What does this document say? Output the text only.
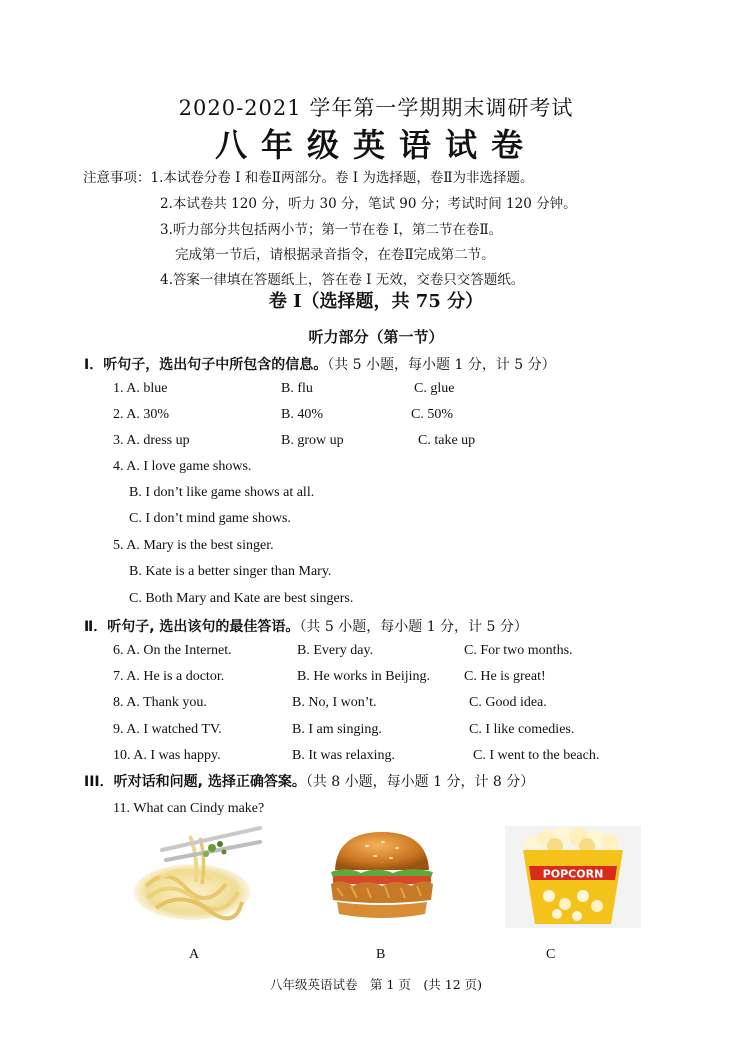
2020-2021 学年第一学期期末调研考试
八年级英语试卷
注意事项：1.本试卷分卷 I 和卷Ⅱ两部分。卷 I 为选择题，卷Ⅱ为非选择题。
2.本试卷共 120 分，听力 30 分，笔试 90 分；考试时间 120 分钟。
3.听力部分共包括两小节；第一节在卷 I，第二节在卷Ⅱ。
完成第一节后，请根据录音指令，在卷Ⅱ完成第二节。
4.答案一律填在答题纸上，答在卷 I 无效，交卷只交答题纸。
卷 I（选择题，共 75 分）
听力部分（第一节）
I．听句子，选出句子中所包含的信息。（共 5 小题，每小题 1 分，计 5 分）
1. A. blue	B. flu	C. glue
2. A. 30%	B. 40%	C. 50%
3. A. dress up	B. grow up	C. take up
4. A. I love game shows.
B. I don’t like game shows at all.
C. I don’t mind game shows.
5. A. Mary is the best singer.
B. Kate is a better singer than Mary.
C. Both Mary and Kate are best singers.
Ⅱ．听句子, 选出该句的最佳答语。（共 5 小题，每小题 1 分，计 5 分）
6. A. On the Internet.	B. Every day.	C. For two months.
7. A. He is a doctor.	B. He works in Beijing. C. He is great!
8. A. Thank you.	B. No, I won’t.	C. Good idea.
9. A. I watched TV.	B. I am singing.	C. I like comedies.
10. A. I was happy.	B. It was relaxing.	C. I went to the beach.
III．听对话和问题, 选择正确答案。（共 8 小题，每小题 1 分，计 8 分）
11. What can Cindy make?
POPCORN
A	B	C
八年级英语试卷　第 1 页　(共 12 页)
